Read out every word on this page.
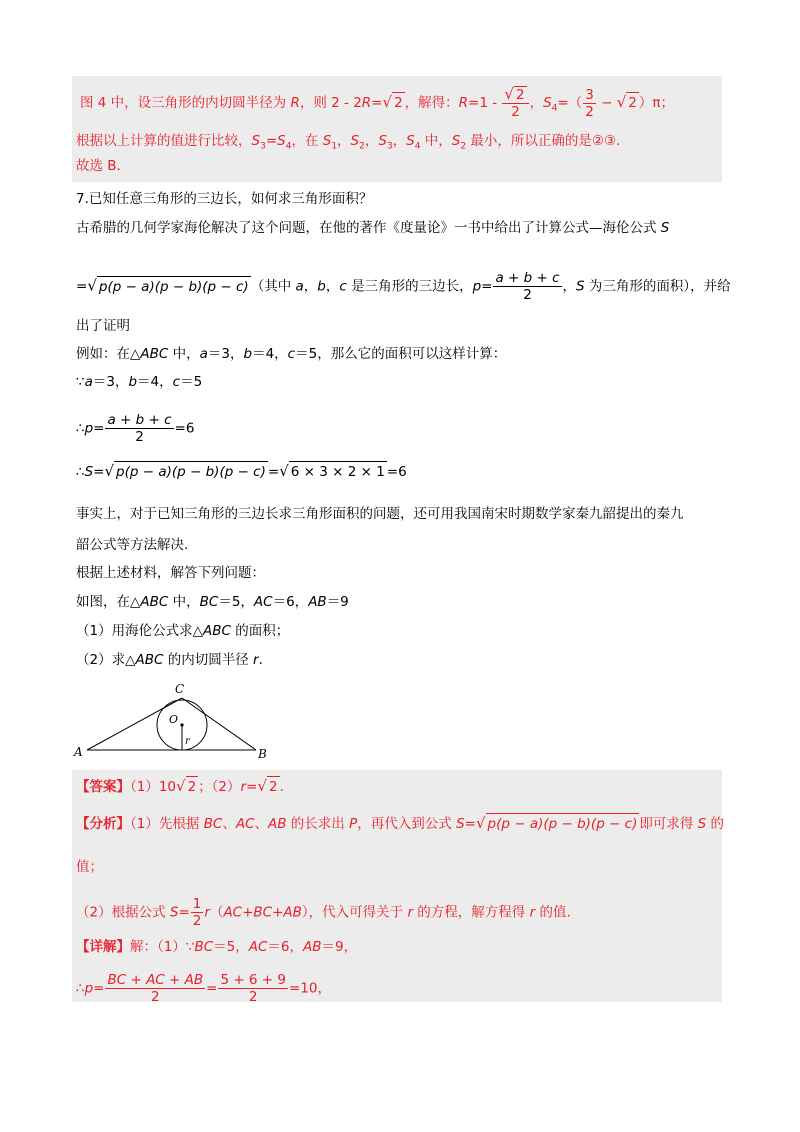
图 4 中，设三角形的内切圆半径为 R，则 2 - 2R=√ 2 ，解得：$R=1 - \frac{√ 2}{2}$ ，$S_4=( \frac{3}{2}$ − √ 2 ）π；
根据以上计算的值进行比较，$S_3=S_4$，在 $S_1$，$S_2$，$S_3$，$S_4$ 中，$S_2$ 最小，所以正确的是②③.
故选 B.
7.已知任意三角形的三边长，如何求三角形面积？
古希腊的几何学家海伦解决了这个问题，在他的著作《度量论》一书中给出了计算公式—海伦公式 S
=√ p(p − a)(p − b)(p − c) （其中 a，b，c 是三角形的三边长，$p= \frac{a + b + c}{2}$ ，S 为三角形的面积），并给
出了证明
例如：在△ABC 中，a＝3，b＝4，c＝5，那么它的面积可以这样计算：
∵a＝3，b＝4，c＝5
∴p= $\frac{a + b + c}{2} =6$
∴S=√ p(p − a)(p − b)(p − c) =√ 6 × 3 × 2 × 1 =6
事实上，对于已知三角形的三边长求三角形面积的问题，还可用我国南宋时期数学家秦九韶提出的秦九
韶公式等方法解决.
根据上述材料，解答下列问题：
如图，在△ABC 中，BC＝5，AC＝6，AB＝9
（1）用海伦公式求△ABC 的面积；
（2）求△ABC 的内切圆半径 r.
A	B
C
O
r
【答案】（1）10√ 2 ；（2）r=√ 2 .
【分析】（1）先根据 BC、AC、AB 的长求出 P，再代入到公式 S=√ p(p − a)(p − b)(p − c) 即可求得 S 的
值；
（2）根据公式 $S= \frac{1}{2} r(AC+BC+AB)$，代入可得关于 r 的方程，解方程得 r 的值.
【详解】解：（1）∵BC＝5，AC＝6，AB＝9，
∴p= $\frac{BC + AC + AB}{2} = \frac{5 + 6 + 9}{2} =10$，
